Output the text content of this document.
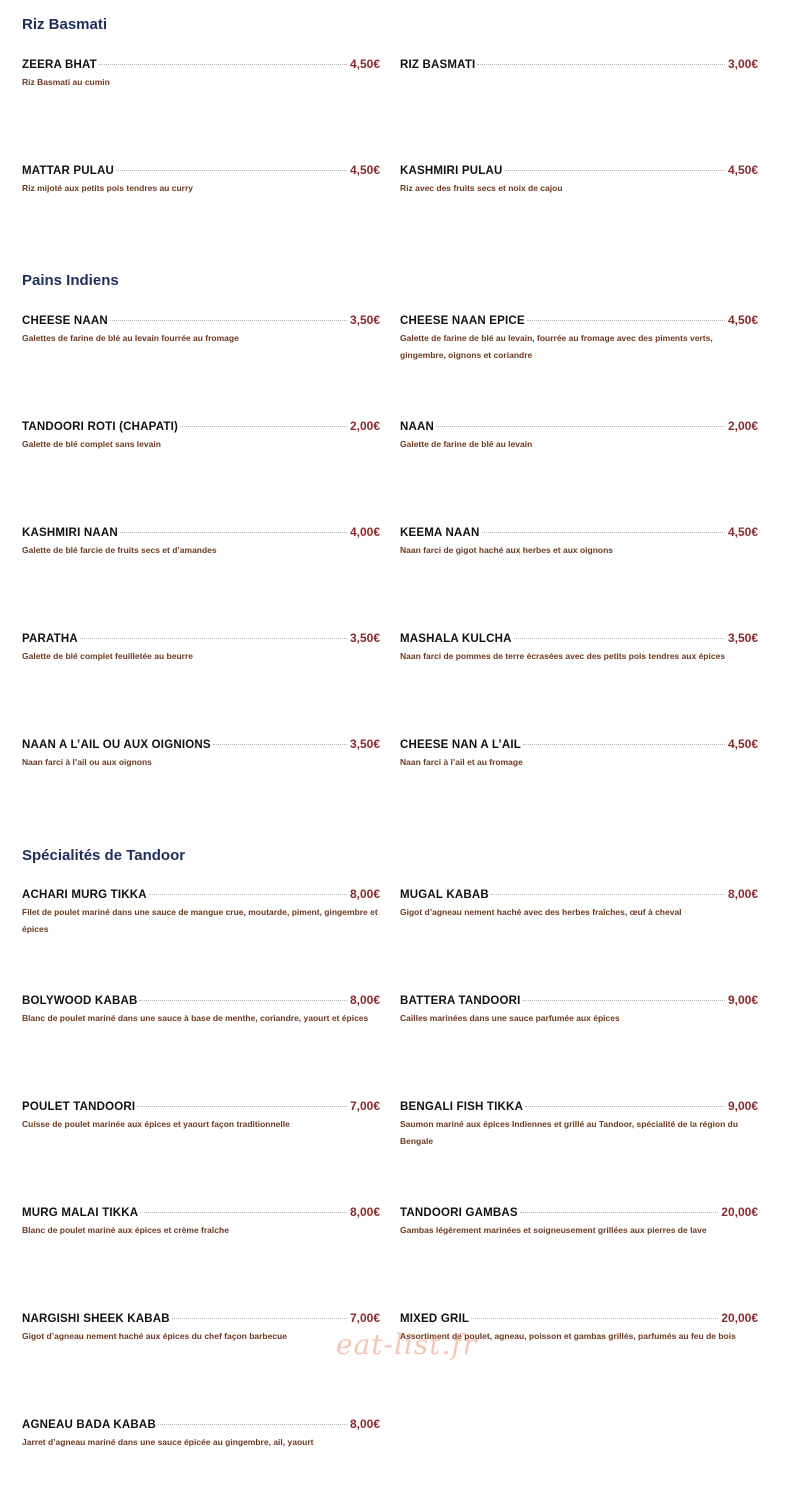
Riz Basmati
ZEERA BHAT	4,50€
Riz Basmati au cumin
RIZ BASMATI	3,00€
MATTAR PULAU	4,50€
Riz mijoté aux petits pois tendres au curry
KASHMIRI PULAU	4,50€
Riz avec des fruits secs et noix de cajou
Pains Indiens
CHEESE NAAN	3,50€
Galettes de farine de blé au levain fourrée au fromage
CHEESE NAAN EPICE	4,50€
Galette de farine de blé au levain, fourrée au fromage avec des piments verts, gingembre, oignons et coriandre
TANDOORI ROTI (CHAPATI)	2,00€
Galette de blé complet sans levain
NAAN	2,00€
Galette de farine de blé au levain
KASHMIRI NAAN	4,00€
Galette de blé farcie de fruits secs et d’amandes
KEEMA NAAN	4,50€
Naan farci de gigot haché aux herbes et aux oignons
PARATHA	3,50€
Galette de blé complet feuilletée au beurre
MASHALA KULCHA	3,50€
Naan farci de pommes de terre écrasées avec des petits pois tendres aux épices
NAAN A L’AIL OU AUX OIGNIONS	3,50€
Naan farci à l’ail ou aux oignons
CHEESE NAN A L’AIL	4,50€
Naan farci à l’ail et au fromage
Spécialités de Tandoor
ACHARI MURG TIKKA	8,00€
Filet de poulet mariné dans une sauce de mangue crue, moutarde, piment, gingembre et épices
MUGAL KABAB	8,00€
Gigot d’agneau nement haché avec des herbes fraîches, œuf à cheval
BOLYWOOD KABAB	8,00€
Blanc de poulet mariné dans une sauce à base de menthe, coriandre, yaourt et épices
BATTERA TANDOORI	9,00€
Cailles marinées dans une sauce parfumée aux épices
POULET TANDOORI	7,00€
Cuisse de poulet marinée aux épices et yaourt façon traditionnelle
BENGALI FISH TIKKA	9,00€
Saumon mariné aux épices Indiennes et grillé au Tandoor, spécialité de la région du Bengale
MURG MALAI TIKKA	8,00€
Blanc de poulet mariné aux épices et crème fraîche
TANDOORI GAMBAS	20,00€
Gambas légèrement marinées et soigneusement grillées aux pierres de lave
NARGISHI SHEEK KABAB	7,00€
Gigot d’agneau nement haché aux épices du chef façon barbecue
MIXED GRIL	20,00€
Assortiment de poulet, agneau, poisson et gambas grillés, parfumés au feu de bois
AGNEAU BADA KABAB	8,00€
Jarret d’agneau mariné dans une sauce épicée au gingembre, ail, yaourt
eat-list.fr
